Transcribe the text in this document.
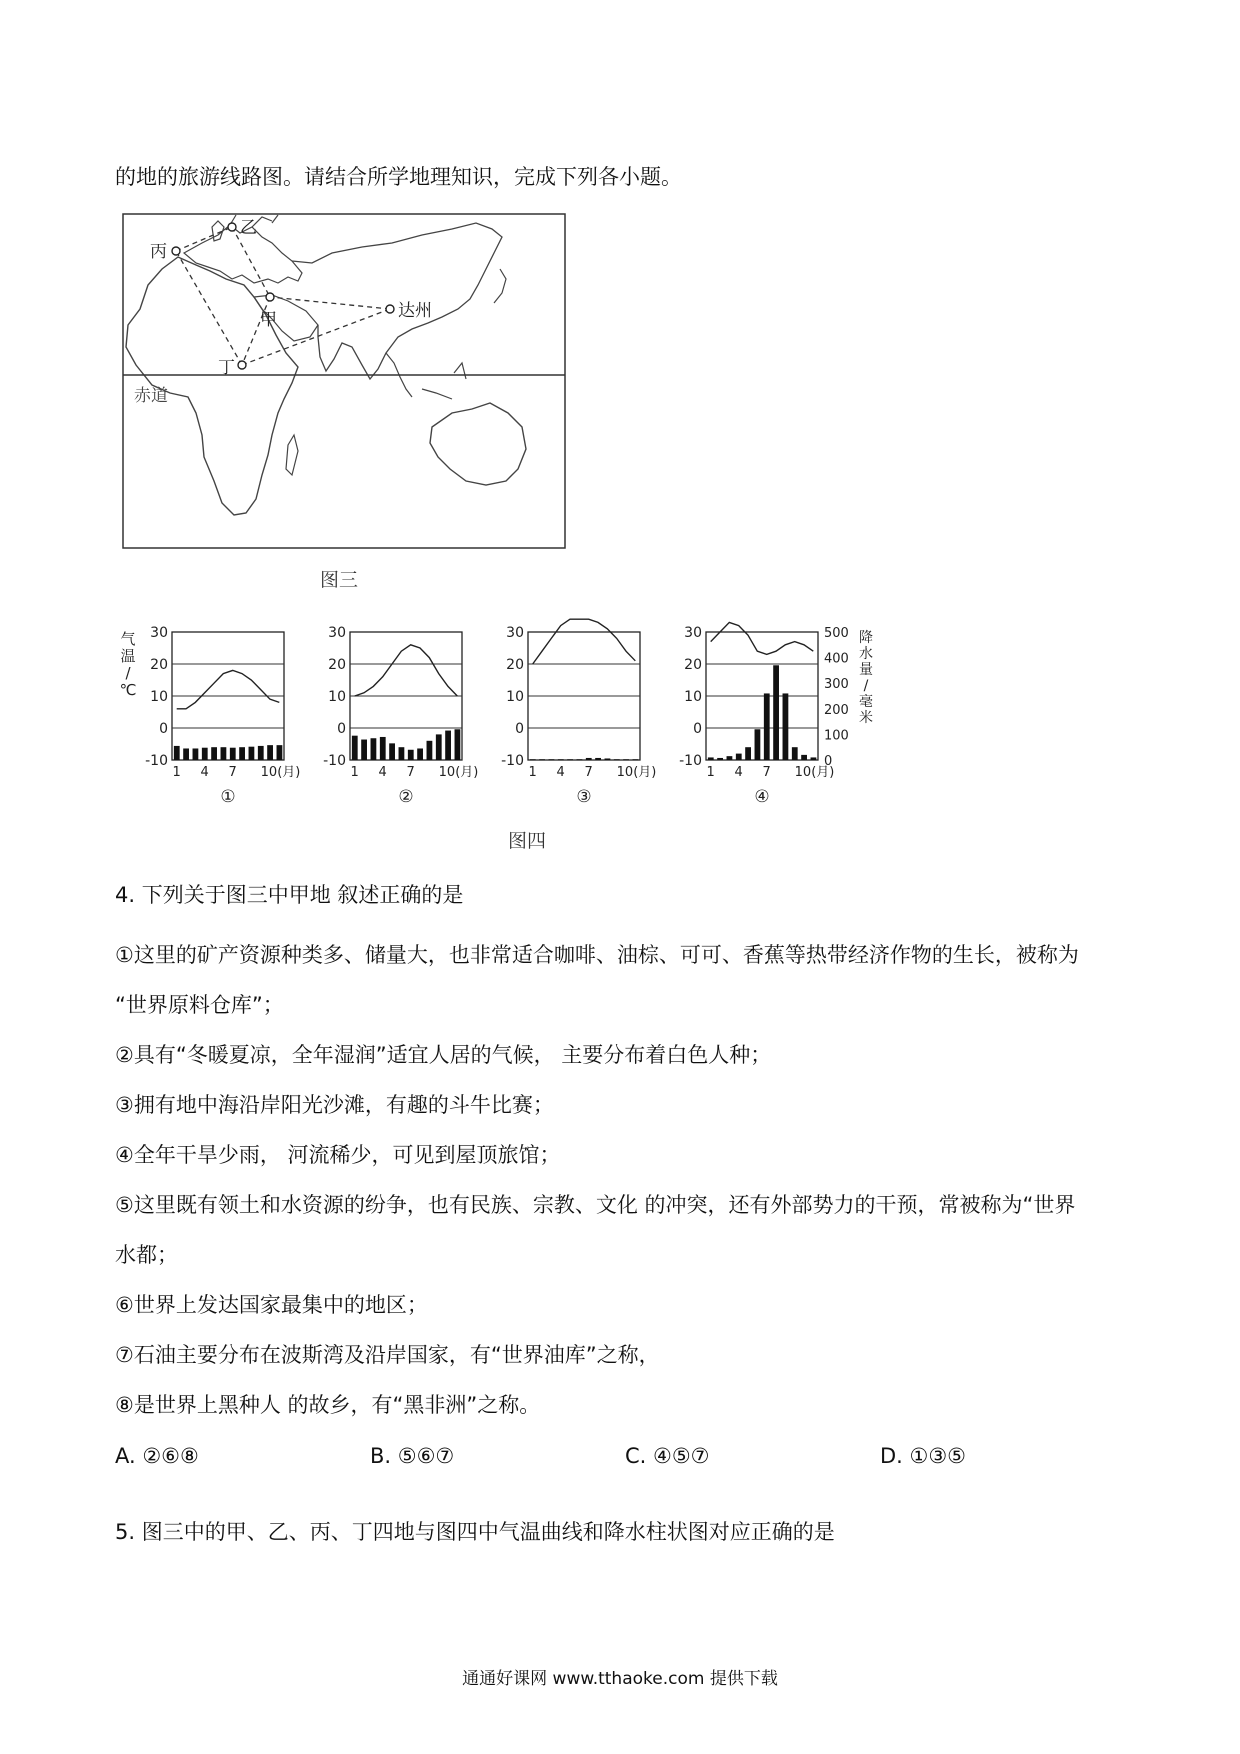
的地的旅游线路图。请结合所学地理知识，完成下列各小题。
达州
甲
乙
丙
丁
赤道
图三
30
20
10
0
-10
1 4 7 10(月)
①
30
20
10
0
-10
1 4 7 10(月)
②
30
20
10
0
-10
1 4 7 10(月)
③
30
20
10
0
-10
1 4 7 10(月)
④
气
温
/
℃
500
400
300
200
100
0
降
水
量
/
毫
米
图四
4. 下列关于图三中甲地 叙述正确的是
①这里的矿产资源种类多、储量大，也非常适合咖啡、油棕、可可、香蕉等热带经济作物的生长，被称为
“世界原料仓库”；
②具有“冬暖夏凉，全年湿润”适宜人居的气候， 主要分布着白色人种；
③拥有地中海沿岸阳光沙滩，有趣的斗牛比赛；
④全年干旱少雨， 河流稀少，可见到屋顶旅馆；
⑤这里既有领土和水资源的纷争，也有民族、宗教、文化 的冲突，还有外部势力的干预，常被称为“世界
水都；
⑥世界上发达国家最集中的地区；
⑦石油主要分布在波斯湾及沿岸国家，有“世界油库”之称，
⑧是世界上黑种人 的故乡，有“黑非洲”之称。
A. ②⑥⑧	B. ⑤⑥⑦	C. ④⑤⑦	D. ①③⑤
5. 图三中的甲、乙、丙、丁四地与图四中气温曲线和降水柱状图对应正确的是
通通好课网 www.tthaoke.com 提供下载
